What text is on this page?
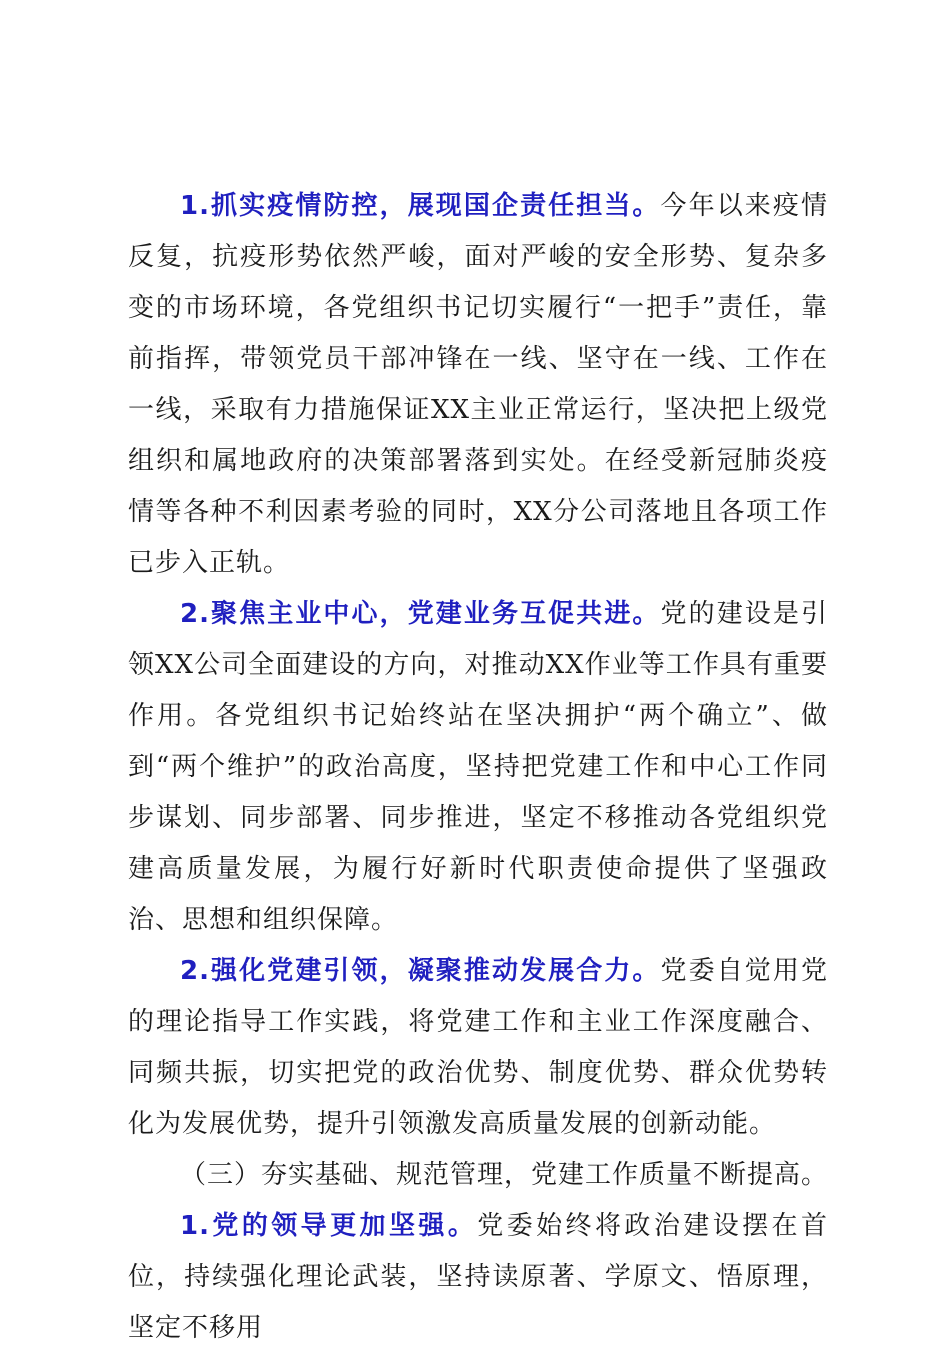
1.抓实疫情防控，展现国企责任担当。今年以来疫情反复，抗疫形势依然严峻，面对严峻的安全形势、复杂多变的市场环境，各党组织书记切实履行“一把手”责任，靠前指挥，带领党员干部冲锋在一线、坚守在一线、工作在一线，采取有力措施保证XX主业正常运行，坚决把上级党组织和属地政府的决策部署落到实处。在经受新冠肺炎疫情等各种不利因素考验的同时，XX分公司落地且各项工作已步入正轨。

2.聚焦主业中心，党建业务互促共进。党的建设是引领XX公司全面建设的方向，对推动XX作业等工作具有重要作用。各党组织书记始终站在坚决拥护“两个确立”、做到“两个维护”的政治高度，坚持把党建工作和中心工作同步谋划、同步部署、同步推进，坚定不移推动各党组织党建高质量发展，为履行好新时代职责使命提供了坚强政治、思想和组织保障。

2.强化党建引领，凝聚推动发展合力。党委自觉用党的理论指导工作实践，将党建工作和主业工作深度融合、同频共振，切实把党的政治优势、制度优势、群众优势转化为发展优势，提升引领激发高质量发展的创新动能。

（三）夯实基础、规范管理，党建工作质量不断提高。

1.党的领导更加坚强。党委始终将政治建设摆在首位，持续强化理论武装，坚持读原著、学原文、悟原理，坚定不移用
